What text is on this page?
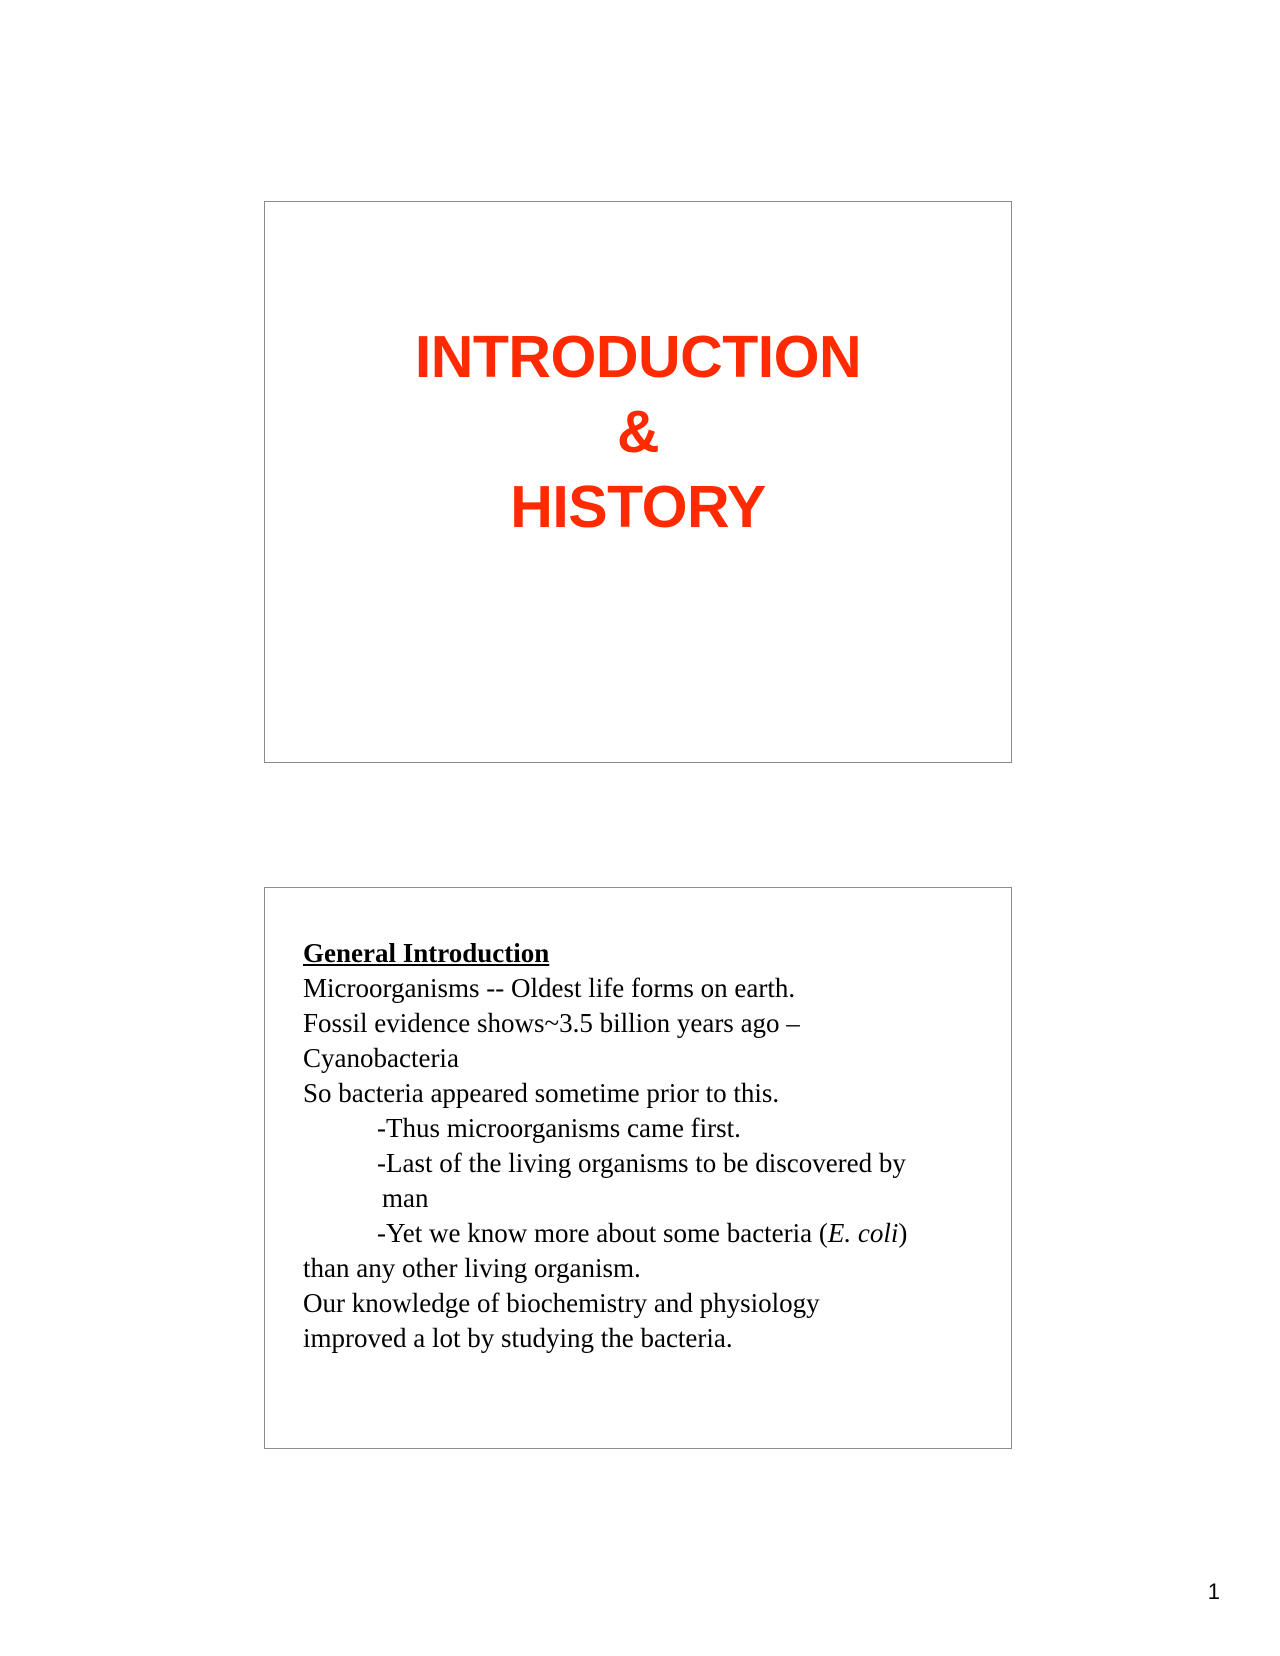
INTRODUCTION
&
HISTORY
General Introduction
Microorganisms -- Oldest life forms on earth.
Fossil evidence shows~3.5 billion years ago –
Cyanobacteria
So bacteria appeared sometime prior to this.
-Thus microorganisms came first.
-Last of the living organisms to be discovered by
man
-Yet we know more about some bacteria (E. coli)
than any other living organism.
Our knowledge of biochemistry and physiology
improved a lot by studying the bacteria.
1
